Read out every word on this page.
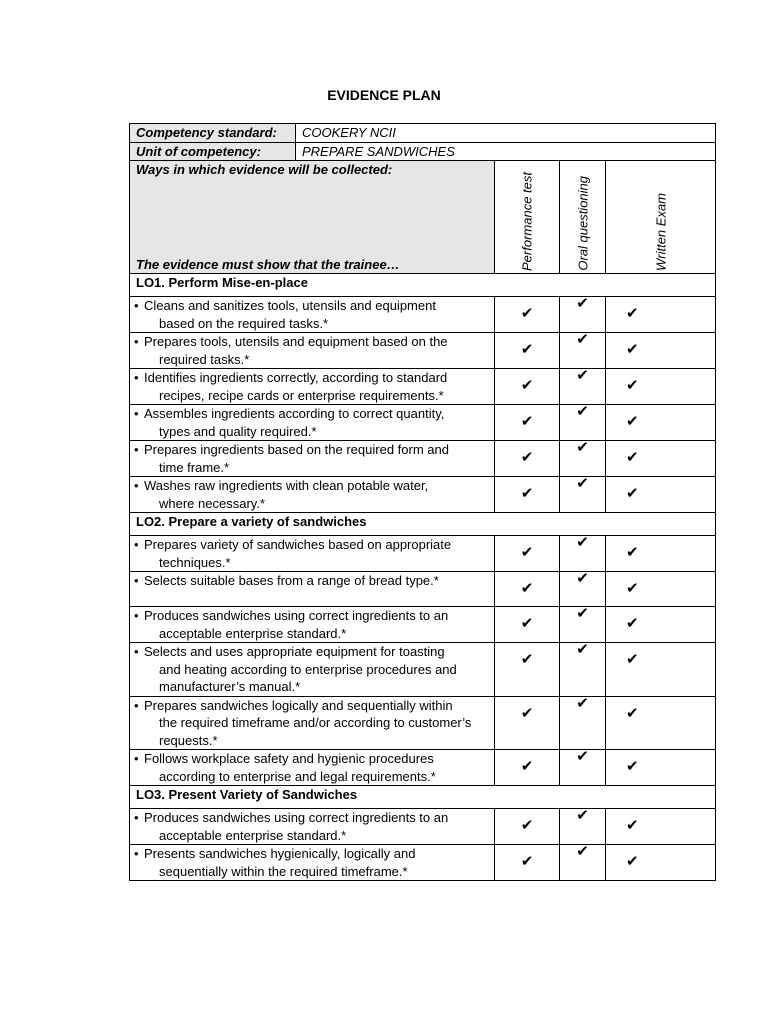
EVIDENCE PLAN
Competency standard:	COOKERY NCII			
Unit of competency:	PREPARE SANDWICHES			

Ways in which evidence will be collected:
The evidence must show that the trainee…		Performance test	Oral questioning	Written Exam

LO1. Perform Mise-en-place				
• Cleans and sanitizes tools, utensils and equipment
based on the required tasks.*		✔	✔	✔

• Prepares tools, utensils and equipment based on the
required tasks.*		✔	✔	✔

• Identifies ingredients correctly, according to standard
recipes, recipe cards or enterprise requirements.*		✔	✔	✔

• Assembles ingredients according to correct quantity,
types and quality required.*		✔	✔	✔

• Prepares ingredients based on the required form and
time frame.*		✔	✔	✔

• Washes raw ingredients with clean potable water,
where necessary.*		✔	✔	✔

LO2. Prepare a variety of sandwiches				
• Prepares variety of sandwiches based on appropriate
techniques.*		✔	✔	✔

• Selects suitable bases from a range of bread type.*		✔	✔	✔

• Produces sandwiches using correct ingredients to an
acceptable enterprise standard.*		✔	✔	✔

• Selects and uses appropriate equipment for toasting
and heating according to enterprise procedures and manufacturer’s manual.*		✔	✔	✔

• Prepares sandwiches logically and sequentially within
the required timeframe and/or according to customer’s requests.*		✔	✔	✔

• Follows workplace safety and hygienic procedures
according to enterprise and legal requirements.*		✔	✔	✔

LO3. Present Variety of Sandwiches				
• Produces sandwiches using correct ingredients to an
acceptable enterprise standard.*		✔	✔	✔

• Presents sandwiches hygienically, logically and
sequentially within the required timeframe.*		✔	✔	✔
